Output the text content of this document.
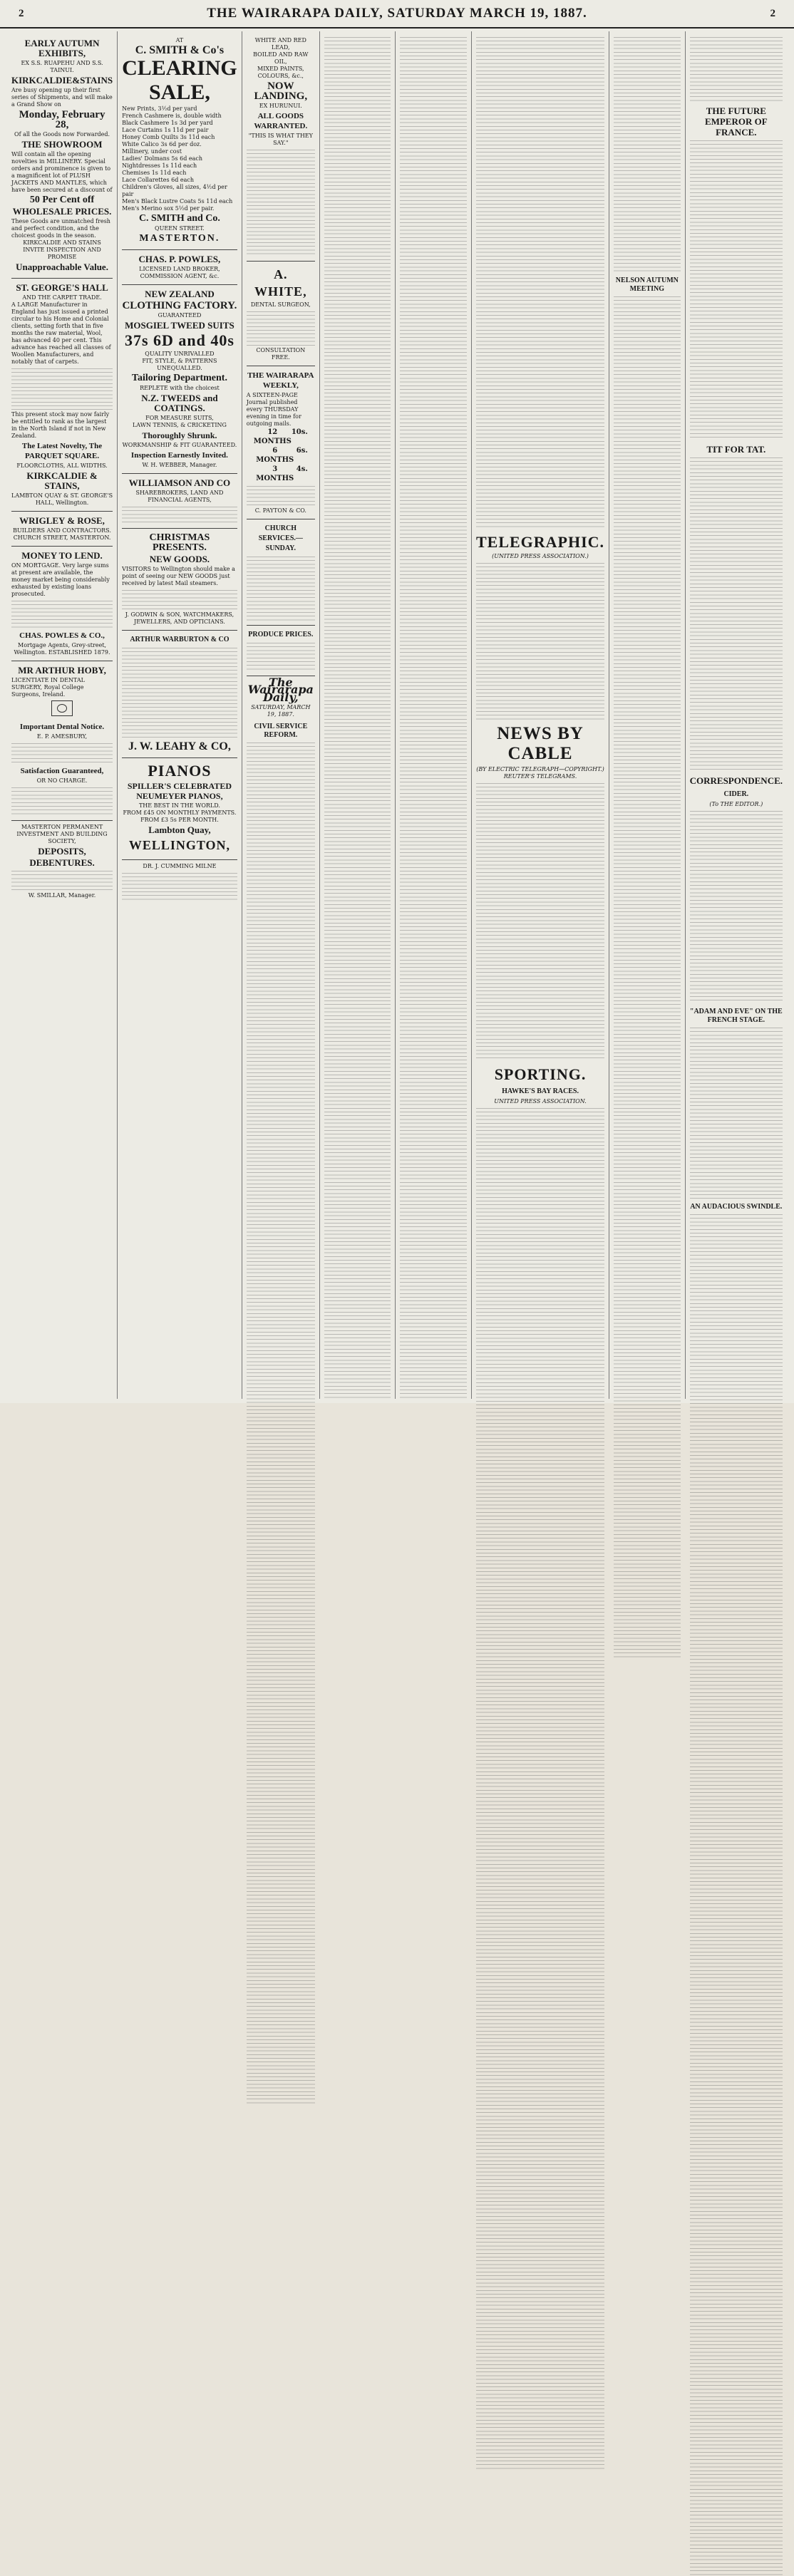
2	THE WAIRARAPA DAILY, SATURDAY MARCH 19, 1887.	2
EARLY AUTUMN EXHIBITS,
EX S.S. RUAPEHU AND S.S. TAINUI.
KIRKCALDIE&STAINS
Are busy opening up their first series of Shipments, and will make a Grand Show on
Monday, February 28,
Of all the Goods now Forwarded.
THE SHOWROOM
Will contain all the opening novelties in MILLINERY. Special orders and prominence is given to a magnificent lot of PLUSH JACKETS AND MANTLES, which have been secured at a discount of
50 Per Cent off
WHOLESALE PRICES.
These Goods are unmatched fresh and perfect condition, and the choicest goods in the season.
KIRKCALDIE AND STAINS INVITE INSPECTION AND PROMISE
Unapproachable Value.
ST. GEORGE'S HALL
AND THE CARPET TRADE.
A LARGE Manufacturer in England has just issued a printed circular to his Home and Colonial clients, setting forth that in five months the raw material, Wool, has advanced 40 per cent. This advance has reached all classes of Woollen Manufacturers, and notably that of carpets.
This present stock may now fairly be entitled to rank as the largest in the North Island if not in New Zealand.
The Latest Novelty, The PARQUET SQUARE.
FLOORCLOTHS, ALL WIDTHS.
KIRKCALDIE & STAINS,
LAMBTON QUAY & ST. GEORGE'S HALL, Wellington.
WRIGLEY & ROSE,
BUILDERS AND CONTRACTORS.
CHURCH STREET, MASTERTON.
MONEY TO LEND.
ON MORTGAGE. Very large sums at present are available, the money market being considerably exhausted by existing loans prosecuted.
CHAS. POWLES & CO.,
Mortgage Agents, Grey-street, Wellington. ESTABLISHED 1879.
MR ARTHUR HOBY,
LICENTIATE IN DENTAL SURGERY, Royal College Surgeons, Ireland.
Important Dental Notice.
E. P. AMESBURY,
Satisfaction Guaranteed,
OR NO CHARGE.
MASTERTON PERMANENT INVESTMENT AND BUILDING SOCIETY,
DEPOSITS,
DEBENTURES.
W. SMILLAR, Manager.
AT
C. SMITH & Co's
CLEARING
SALE,
New Prints, 3½d per yard
French Cashmere is, double width
Black Cashmere 1s 3d per yard
Lace Curtains 1s 11d per pair
Honey Comb Quilts 3s 11d each
White Calico 3s 6d per doz.
Millinery, under cost
Ladies' Dolmans 5s 6d each
Nightdresses 1s 11d each
Chemises 1s 11d each
Lace Collarettes 6d each
Children's Gloves, all sizes, 4½d per pair
Men's Black Lustre Coats 5s 11d each
Men's Merino sox 5½d per pair.
C. SMITH and Co.
QUEEN STREET.
MASTERTON.
CHAS. P. POWLES,
LICENSED LAND BROKER, COMMISSION AGENT, &c.
NEW ZEALAND
CLOTHING FACTORY.
GUARANTEED
MOSGIEL TWEED SUITS
37s 6D and 40s
QUALITY UNRIVALLED
FIT, STYLE, & PATTERNS UNEQUALLED.
Tailoring Department.
REPLETE with the choicest
N.Z. TWEEDS and COATINGS.
FOR MEASURE SUITS,
LAWN TENNIS, & CRICKETING
Thoroughly Shrunk.
WORKMANSHIP & FIT GUARANTEED.
Inspection Earnestly Invited.
W. H. WEBBER, Manager.
WILLIAMSON AND CO
SHAREBROKERS, LAND AND FINANCIAL AGENTS,
CHRISTMAS PRESENTS.
NEW GOODS.
VISITORS to Wellington should make a point of seeing our NEW GOODS just received by latest Mail steamers.
J. GODWIN & SON, WATCHMAKERS, JEWELLERS, AND OPTICIANS.
ARTHUR WARBURTON & CO
J. W. LEAHY & CO,
PIANOS
SPILLER'S CELEBRATED NEUMEYER PIANOS,
THE BEST IN THE WORLD.
FROM £45 ON MONTHLY PAYMENTS.
FROM £3 5s PER MONTH.
Lambton Quay,
WELLINGTON,
DR. J. CUMMING MILNE
WHITE AND RED LEAD,
BOILED AND RAW OIL,
MIXED PAINTS, COLOURS, &c.,
NOW LANDING,
EX HURUNUI.
ALL GOODS WARRANTED.
"THIS IS WHAT THEY SAY."
A. WHITE,
DENTAL SURGEON,
CONSULTATION FREE.
THE WAIRARAPA WEEKLY,
A SIXTEEN-PAGE Journal published every THURSDAY evening in time for outgoing mails.
12 MONTHS
10s.
6 MONTHS
6s.
3 MONTHS
4s.
C. PAYTON & CO.
CHURCH SERVICES.—SUNDAY.
PRODUCE PRICES.
The Wairarapa Daily,
SATURDAY, MARCH 19, 1887.
CIVIL SERVICE REFORM.
TELEGRAPHIC.
(UNITED PRESS ASSOCIATION.)
NEWS BY CABLE
(BY ELECTRIC TELEGRAPH—COPYRIGHT.)
REUTER'S TELEGRAMS.
SPORTING.
HAWKE'S BAY RACES.
UNITED PRESS ASSOCIATION.
NELSON AUTUMN MEETING
THE FUTURE EMPEROR OF FRANCE.
TIT FOR TAT.
CORRESPONDENCE.
CIDER.
(To THE EDITOR.)
"ADAM AND EVE" ON THE FRENCH STAGE.
AN AUDACIOUS SWINDLE.
